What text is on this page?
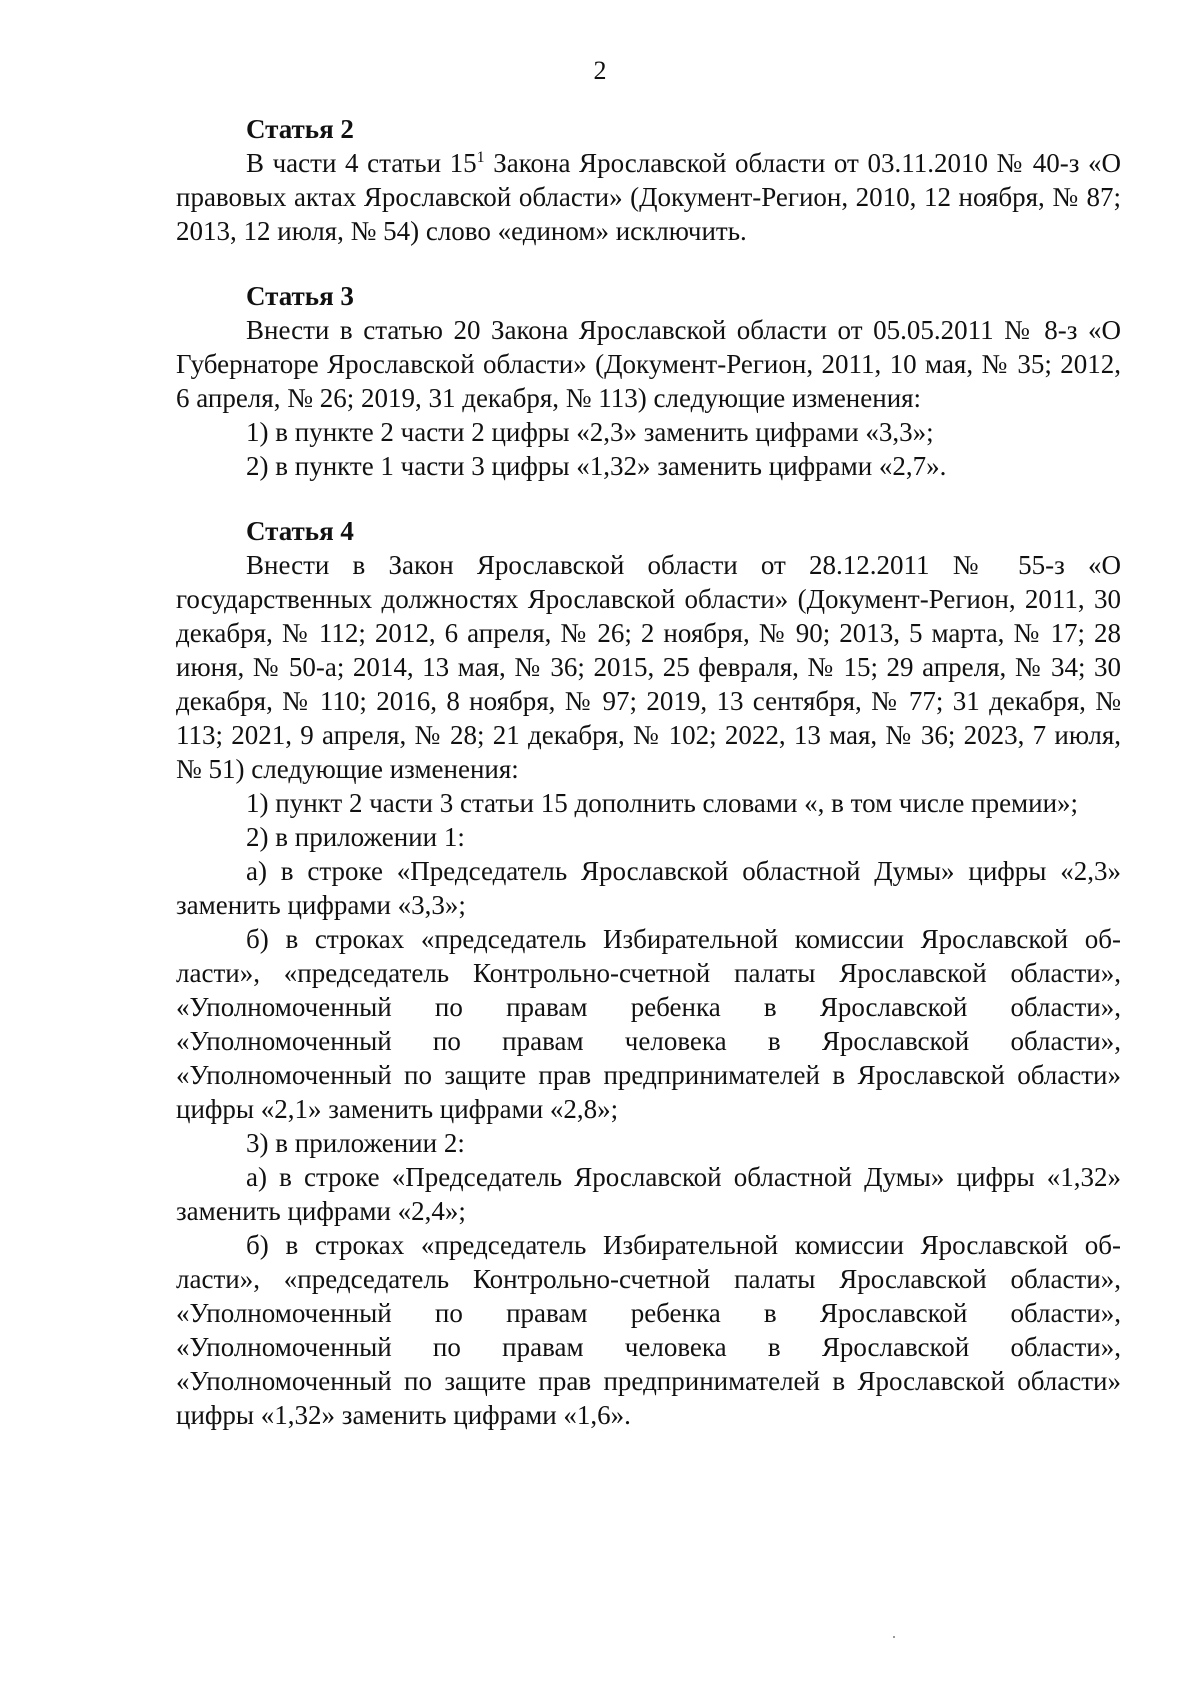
2
Статья 2

В части 4 статьи $15^1$ Закона Ярославской области от 03.11.2010 № 40-з «О правовых актах Ярославской области» (Документ-Регион, 2010, 12 ноября, № 87; 2013, 12 июля, № 54) слово «едином» исключить.

Статья 3

Внести в статью 20 Закона Ярославской области от 05.05.2011 № 8-з «О Губернаторе Ярославской области» (Документ-Регион, 2011, 10 мая, № 35; 2012, 6 апреля, № 26; 2019, 31 декабря, № 113) следующие изменения:

1) в пункте 2 части 2 цифры «2,3» заменить цифрами «3,3»;

2) в пункте 1 части 3 цифры «1,32» заменить цифрами «2,7».

Статья 4

Внести в Закон Ярославской области от 28.12.2011 № 55-з «О государственных должностях Ярославской области» (Документ-Регион, 2011, 30 декабря, № 112; 2012, 6 апреля, № 26; 2 ноября, № 90; 2013, 5 марта, № 17; 28 июня, № 50-а; 2014, 13 мая, № 36; 2015, 25 февраля, № 15; 29 апреля, № 34; 30 декабря, № 110; 2016, 8 ноября, № 97; 2019, 13 сентября, № 77; 31 декабря, № 113; 2021, 9 апреля, № 28; 21 декабря, № 102; 2022, 13 мая, № 36; 2023, 7 июля, № 51) следующие изменения:

1) пункт 2 части 3 статьи 15 дополнить словами «, в том числе премии»;

2) в приложении 1:

а) в строке «Председатель Ярославской областной Думы» цифры «2,3» заменить цифрами «3,3»;

б) в строках «председатель Избирательной комиссии Ярославской области», «председатель Контрольно-счетной палаты Ярославской области», «Уполномоченный по правам ребенка в Ярославской области», «Уполномоченный по правам человека в Ярославской области», «Уполномоченный по защите прав предпринимателей в Ярославской области» цифры «2,1» заменить цифрами «2,8»;

3) в приложении 2:

а) в строке «Председатель Ярославской областной Думы» цифры «1,32» заменить цифрами «2,4»;

б) в строках «председатель Избирательной комиссии Ярославской области», «председатель Контрольно-счетной палаты Ярославской области», «Уполномоченный по правам ребенка в Ярославской области», «Уполномоченный по правам человека в Ярославской области», «Уполномоченный по защите прав предпринимателей в Ярославской области» цифры «1,32» заменить цифрами «1,6».
